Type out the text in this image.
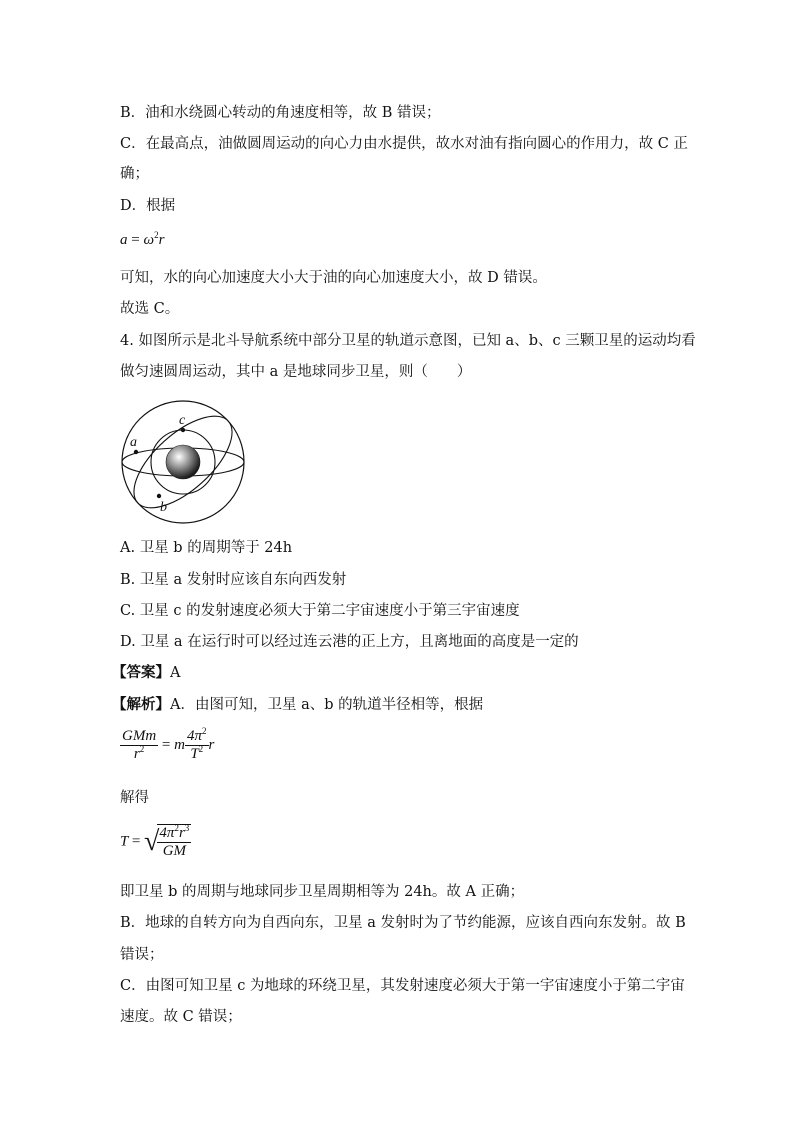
B．油和水绕圆心转动的角速度相等，故 B 错误；
C．在最高点，油做圆周运动的向心力由水提供，故水对油有指向圆心的作用力，故 C 正
确；
D．根据
$a = \omega^2r$
可知，水的向心加速度大小大于油的向心加速度大小，故 D 错误。
故选 C。
4. 如图所示是北斗导航系统中部分卫星的轨道示意图，已知 a、b、c 三颗卫星的运动均看
做匀速圆周运动，其中 a 是地球同步卫星，则（　　）
a
b
c
A. 卫星 b 的周期等于 24h
B. 卫星 a 发射时应该自东向西发射
C. 卫星 c 的发射速度必须大于第二宇宙速度小于第三宇宙速度
D. 卫星 a 在运行时可以经过连云港的正上方，且离地面的高度是一定的
【答案】A
【解析】A．由图可知，卫星 a、b 的轨道半径相等，根据
$\frac{\text{GMm}}{r^2} = m \frac{4\pi^2}{T^2}$ r
解得
T = √
$\frac{4\pi^2r^3}{GM}$
即卫星 b 的周期与地球同步卫星周期相等为 24h。故 A 正确；
B．地球的自转方向为自西向东，卫星 a 发射时为了节约能源，应该自西向东发射。故 B
错误；
C．由图可知卫星 c 为地球的环绕卫星，其发射速度必须大于第一宇宙速度小于第二宇宙
速度。故 C 错误；
